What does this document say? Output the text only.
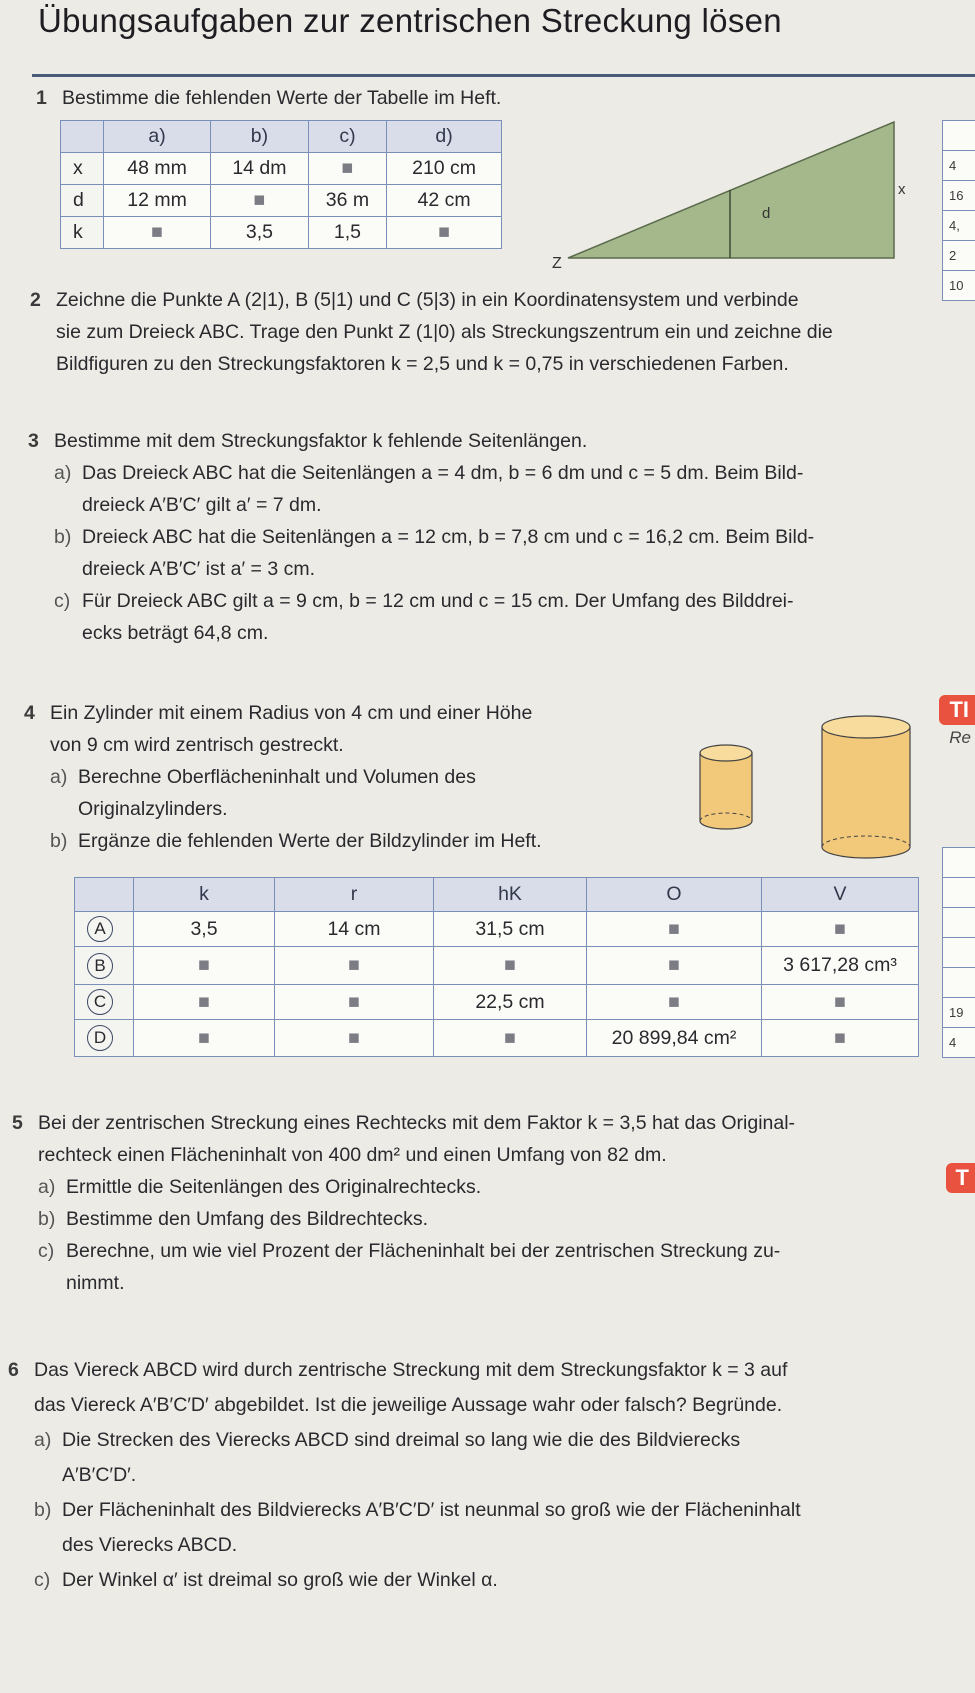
Übungsaufgaben zur zentrischen Streckung lösen
1 Bestimme die fehlenden Werte der Tabelle im Heft.
	a)	b)	c)	d)
x	48 mm	14 dm	■	210 cm
d	12 mm	■	36 m	42 cm
k	■	3,5	1,5	■
d
x
Z
4
16
4,
2
10
2 Zeichne die Punkte A (2|1), B (5|1) und C (5|3) in ein Koordinatensystem und verbinde
sie zum Dreieck ABC. Trage den Punkt Z (1|0) als Streckungszentrum ein und zeichne die
Bildfiguren zu den Streckungsfaktoren k = 2,5 und k = 0,75 in verschiedenen Farben.
3 Bestimme mit dem Streckungsfaktor k fehlende Seitenlängen.
a) Das Dreieck ABC hat die Seitenlängen a = 4 dm, b = 6 dm und c = 5 dm. Beim Bild-
dreieck A′B′C′ gilt a′ = 7 dm.
b) Dreieck ABC hat die Seitenlängen a = 12 cm, b = 7,8 cm und c = 16,2 cm. Beim Bild-
dreieck A′B′C′ ist a′ = 3 cm.
c) Für Dreieck ABC gilt a = 9 cm, b = 12 cm und c = 15 cm. Der Umfang des Bilddrei-
ecks beträgt 64,8 cm.
4 Ein Zylinder mit einem Radius von 4 cm und einer Höhe
von 9 cm wird zentrisch gestreckt.
a) Berechne Oberflächeninhalt und Volumen des
Originalzylinders.
b) Ergänze die fehlenden Werte der Bildzylinder im Heft.
TI
Re
	k	r	hK	O	V
A	3,5	14 cm	31,5 cm	■	■
B	■	■	■	■	3 617,28 cm³
C	■	■	22,5 cm	■	■
D	■	■	■	20 899,84 cm²	■
19
4
T
5 Bei der zentrischen Streckung eines Rechtecks mit dem Faktor k = 3,5 hat das Original-
rechteck einen Flächeninhalt von 400 dm² und einen Umfang von 82 dm.
a) Ermittle die Seitenlängen des Originalrechtecks.
b) Bestimme den Umfang des Bildrechtecks.
c) Berechne, um wie viel Prozent der Flächeninhalt bei der zentrischen Streckung zu-
nimmt.
6 Das Viereck ABCD wird durch zentrische Streckung mit dem Streckungsfaktor k = 3 auf
das Viereck A′B′C′D′ abgebildet. Ist die jeweilige Aussage wahr oder falsch? Begründe.
a) Die Strecken des Vierecks ABCD sind dreimal so lang wie die des Bildvierecks
A′B′C′D′.
b) Der Flächeninhalt des Bildvierecks A′B′C′D′ ist neunmal so groß wie der Flächeninhalt
des Vierecks ABCD.
c) Der Winkel α′ ist dreimal so groß wie der Winkel α.
